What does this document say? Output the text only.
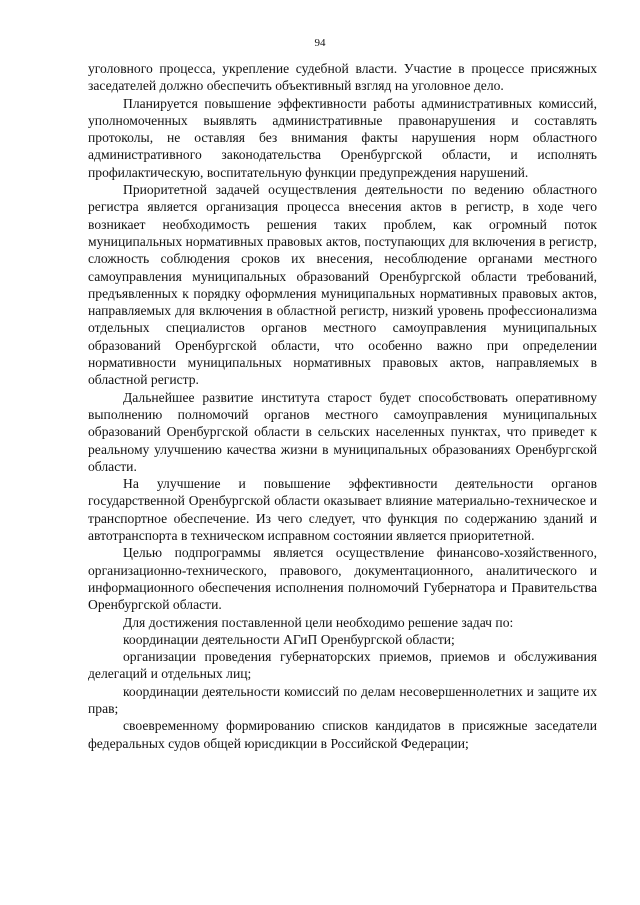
94

уголовного процесса, укрепление судебной власти. Участие в процессе присяжных заседателей должно обеспечить объективный взгляд на уголовное дело.

Планируется повышение эффективности работы административных комиссий, уполномоченных выявлять административные правонарушения и составлять протоколы, не оставляя без внимания факты нарушения норм областного административного законодательства Оренбургской области, и исполнять профилактическую, воспитательную функции предупреждения нарушений.

Приоритетной задачей осуществления деятельности по ведению областного регистра является организация процесса внесения актов в регистр, в ходе чего возникает необходимость решения таких проблем, как огромный поток муниципальных нормативных правовых актов, поступающих для включения в регистр, сложность соблюдения сроков их внесения, несоблюдение органами местного самоуправления муниципальных образований Оренбургской области требований, предъявленных к порядку оформления муниципальных нормативных правовых актов, направляемых для включения в областной регистр, низкий уровень профессионализма отдельных специалистов органов местного самоуправления муниципальных образований Оренбургской области, что особенно важно при определении нормативности муниципальных нормативных правовых актов, направляемых в областной регистр.

Дальнейшее развитие института старост будет способствовать оперативному выполнению полномочий органов местного самоуправления муниципальных образований Оренбургской области в сельских населенных пунктах, что приведет к реальному улучшению качества жизни в муниципальных образованиях Оренбургской области.

На улучшение и повышение эффективности деятельности органов государственной Оренбургской области оказывает влияние материально-техническое и транспортное обеспечение. Из чего следует, что функция по содержанию зданий и автотранспорта в техническом исправном состоянии является приоритетной.

Целью подпрограммы является осуществление финансово-хозяйственного, организационно-технического, правового, документационного, аналитического и информационного обеспечения исполнения полномочий Губернатора и Правительства Оренбургской области.

Для достижения поставленной цели необходимо решение задач по:

координации деятельности АГиП Оренбургской области;
организации проведения губернаторских приемов, приемов и обслуживания делегаций и отдельных лиц;
координации деятельности комиссий по делам несовершеннолетних и защите их прав;
своевременному формированию списков кандидатов в присяжные заседатели федеральных судов общей юрисдикции в Российской Федерации;
